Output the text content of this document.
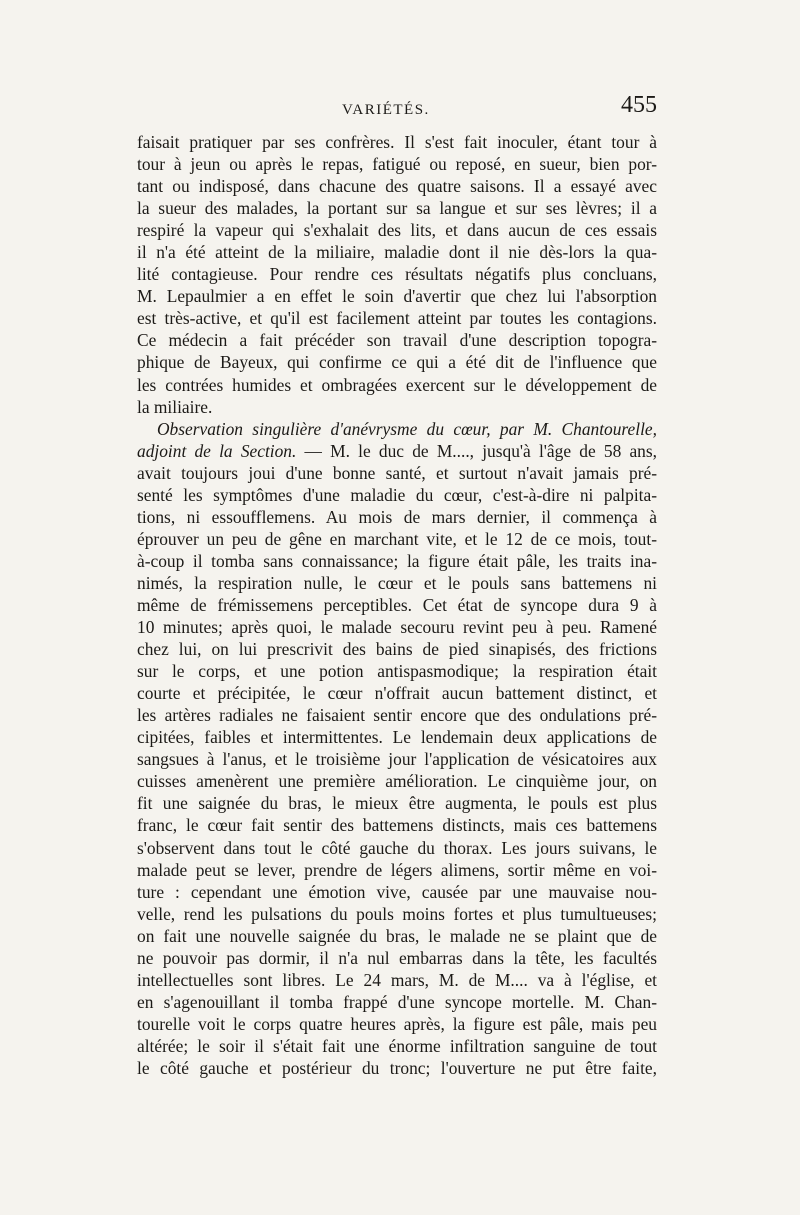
VARIÉTÉS.	455
faisait pratiquer par ses confrères. Il s'est fait inoculer, étant tour à
tour à jeun ou après le repas, fatigué ou reposé, en sueur, bien por-
tant ou indisposé, dans chacune des quatre saisons. Il a essayé avec
la sueur des malades, la portant sur sa langue et sur ses lèvres; il a
respiré la vapeur qui s'exhalait des lits, et dans aucun de ces essais
il n'a été atteint de la miliaire, maladie dont il nie dès-lors la qua-
lité contagieuse. Pour rendre ces résultats négatifs plus concluans,
M. Lepaulmier a en effet le soin d'avertir que chez lui l'absorption
est très-active, et qu'il est facilement atteint par toutes les contagions.
Ce médecin a fait précéder son travail d'une description topogra-
phique de Bayeux, qui confirme ce qui a été dit de l'influence que
les contrées humides et ombragées exercent sur le développement de
la miliaire.
Observation singulière d'anévrysme du cœur, par M. Chantourelle,
adjoint de la Section. — M. le duc de M...., jusqu'à l'âge de 58 ans,
avait toujours joui d'une bonne santé, et surtout n'avait jamais pré-
senté les symptômes d'une maladie du cœur, c'est-à-dire ni palpita-
tions, ni essoufflemens. Au mois de mars dernier, il commença à
éprouver un peu de gêne en marchant vite, et le 12 de ce mois, tout-
à-coup il tomba sans connaissance; la figure était pâle, les traits ina-
nimés, la respiration nulle, le cœur et le pouls sans battemens ni
même de frémissemens perceptibles. Cet état de syncope dura 9 à
10 minutes; après quoi, le malade secouru revint peu à peu. Ramené
chez lui, on lui prescrivit des bains de pied sinapisés, des frictions
sur le corps, et une potion antispasmodique; la respiration était
courte et précipitée, le cœur n'offrait aucun battement distinct, et
les artères radiales ne faisaient sentir encore que des ondulations pré-
cipitées, faibles et intermittentes. Le lendemain deux applications de
sangsues à l'anus, et le troisième jour l'application de vésicatoires aux
cuisses amenèrent une première amélioration. Le cinquième jour, on
fit une saignée du bras, le mieux être augmenta, le pouls est plus
franc, le cœur fait sentir des battemens distincts, mais ces battemens
s'observent dans tout le côté gauche du thorax. Les jours suivans, le
malade peut se lever, prendre de légers alimens, sortir même en voi-
ture : cependant une émotion vive, causée par une mauvaise nou-
velle, rend les pulsations du pouls moins fortes et plus tumultueuses;
on fait une nouvelle saignée du bras, le malade ne se plaint que de
ne pouvoir pas dormir, il n'a nul embarras dans la tête, les facultés
intellectuelles sont libres. Le 24 mars, M. de M.... va à l'église, et
en s'agenouillant il tomba frappé d'une syncope mortelle. M. Chan-
tourelle voit le corps quatre heures après, la figure est pâle, mais peu
altérée; le soir il s'était fait une énorme infiltration sanguine de tout
le côté gauche et postérieur du tronc; l'ouverture ne put être faite,
